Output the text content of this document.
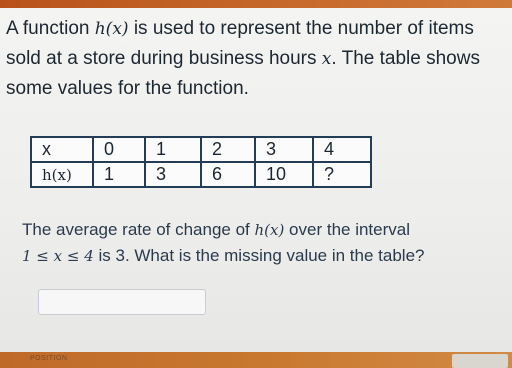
A function h(x) is used to represent the number of items sold at a store during business hours x. The table shows some values for the function.
x	0	1	2	3	4
h(x)	1	3	6	10	?
The average rate of change of h(x) over the interval
1 ≤ x ≤ 4 is 3. What is the missing value in the table?
POSITION
